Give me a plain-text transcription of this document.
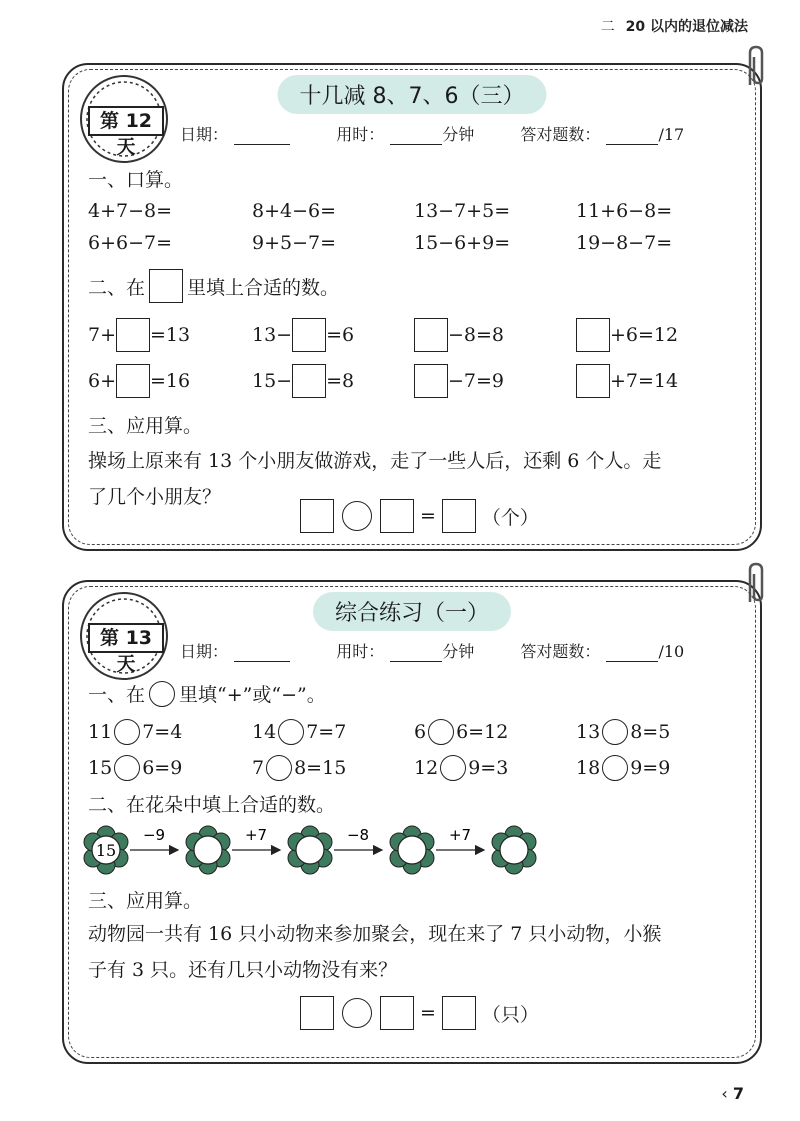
二 20 以内的退位减法
十几减 8、7、6（三）
第 12 天
日期：	用时：	分钟	答对题数：	/17
一、口算。
4+7−8=	8+4−6=	13−7+5=	11+6−8=
6+6−7=	9+5−7=	15−6+9=	19−8−7=
二、在 里填上合适的数。
7+ =13	13− =6	−8=8	+6=12
6+ =16	15− =8	−7=9	+7=14
三、应用算。
操场上原来有 13 个小朋友做游戏，走了一些人后，还剩 6 个人。走
了几个小朋友？
= （个）
综合练习（一）
第 13 天
日期：	用时：	分钟	答对题数：	/10
一、在 里填“+”或“−”。
11 7=4	14 7=7	6 6=12	13 8=5
15 6=9	7 8=15	12 9=3	18 9=9
二、在花朵中填上合适的数。
15
−9	+7	−8	+7
三、应用算。
动物园一共有 16 只小动物来参加聚会，现在来了 7 只小动物，小猴
子有 3 只。还有几只小动物没有来？
= （只）
‹ 7
